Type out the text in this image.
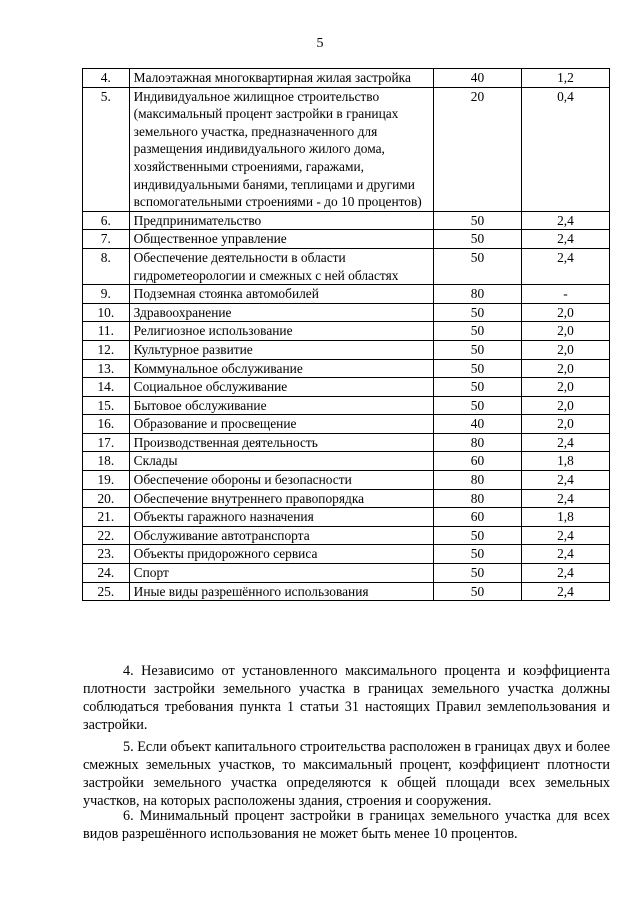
5
4.	Малоэтажная многоквартирная жилая застройка	40	1,2
5.	Индивидуальное жилищное строительство (максимальный процент застройки в границах земельного участка, предназначенного для размещения индивидуального жилого дома, хозяйственными строениями, гаражами, индивидуальными банями, теплицами и другими вспомогательными строениями - до 10 процентов)	20	0,4
6.	Предпринимательство	50	2,4
7.	Общественное управление	50	2,4
8.	Обеспечение деятельности в области гидрометеорологии и смежных с ней областях	50	2,4
9.	Подземная стоянка автомобилей	80	-
10.	Здравоохранение	50	2,0
11.	Религиозное использование	50	2,0
12.	Культурное развитие	50	2,0
13.	Коммунальное обслуживание	50	2,0
14.	Социальное обслуживание	50	2,0
15.	Бытовое обслуживание	50	2,0
16.	Образование и просвещение	40	2,0
17.	Производственная деятельность	80	2,4
18.	Склады	60	1,8
19.	Обеспечение обороны и безопасности	80	2,4
20.	Обеспечение внутреннего правопорядка	80	2,4
21.	Объекты гаражного назначения	60	1,8
22.	Обслуживание автотранспорта	50	2,4
23.	Объекты придорожного сервиса	50	2,4
24.	Спорт	50	2,4
25.	Иные виды разрешённого использования	50	2,4

4. Независимо от установленного максимального процента и коэффициента плотности застройки земельного участка в границах земельного участка должны соблюдаться требования пункта 1 статьи 31 настоящих Правил землепользования и застройки.

5. Если объект капитального строительства расположен в границах двух и более смежных земельных участков, то максимальный процент, коэффициент плотности застройки земельного участка определяются к общей площади всех земельных участков, на которых расположены здания, строения и сооружения.

6. Минимальный процент застройки в границах земельного участка для всех видов разрешённого использования не может быть менее 10 процентов.
